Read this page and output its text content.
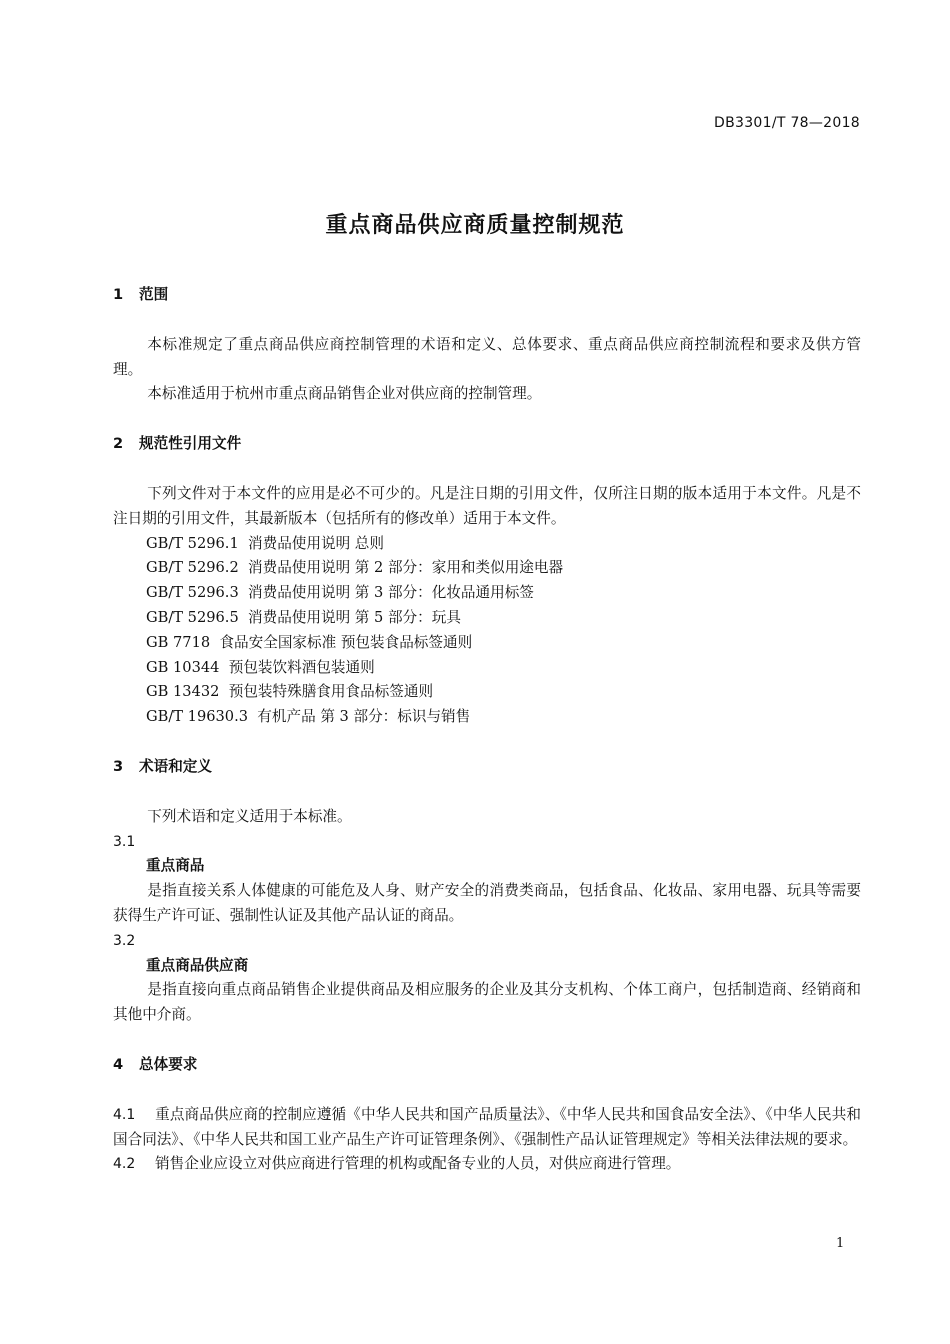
DB3301/T 78—2018
重点商品供应商质量控制规范
1 范围

本标准规定了重点商品供应商控制管理的术语和定义、总体要求、重点商品供应商控制流程和要求及供方管理。

本标准适用于杭州市重点商品销售企业对供应商的控制管理。

2 规范性引用文件

下列文件对于本文件的应用是必不可少的。凡是注日期的引用文件，仅所注日期的版本适用于本文件。凡是不注日期的引用文件，其最新版本（包括所有的修改单）适用于本文件。

GB/T 5296.1  消费品使用说明 总则

GB/T 5296.2  消费品使用说明 第 2 部分：家用和类似用途电器

GB/T 5296.3  消费品使用说明 第 3 部分：化妆品通用标签

GB/T 5296.5  消费品使用说明 第 5 部分：玩具

GB 7718  食品安全国家标准 预包装食品标签通则

GB 10344  预包装饮料酒包装通则

GB 13432  预包装特殊膳食用食品标签通则

GB/T 19630.3  有机产品 第 3 部分：标识与销售

3 术语和定义

下列术语和定义适用于本标准。

3.1

重点商品

是指直接关系人体健康的可能危及人身、财产安全的消费类商品，包括食品、化妆品、家用电器、玩具等需要获得生产许可证、强制性认证及其他产品认证的商品。

3.2

重点商品供应商

是指直接向重点商品销售企业提供商品及相应服务的企业及其分支机构、个体工商户，包括制造商、经销商和其他中介商。

4 总体要求

4.1 重点商品供应商的控制应遵循《中华人民共和国产品质量法》、《中华人民共和国食品安全法》、《中华人民共和国合同法》、《中华人民共和国工业产品生产许可证管理条例》、《强制性产品认证管理规定》等相关法律法规的要求。

4.2 销售企业应设立对供应商进行管理的机构或配备专业的人员，对供应商进行管理。

1
